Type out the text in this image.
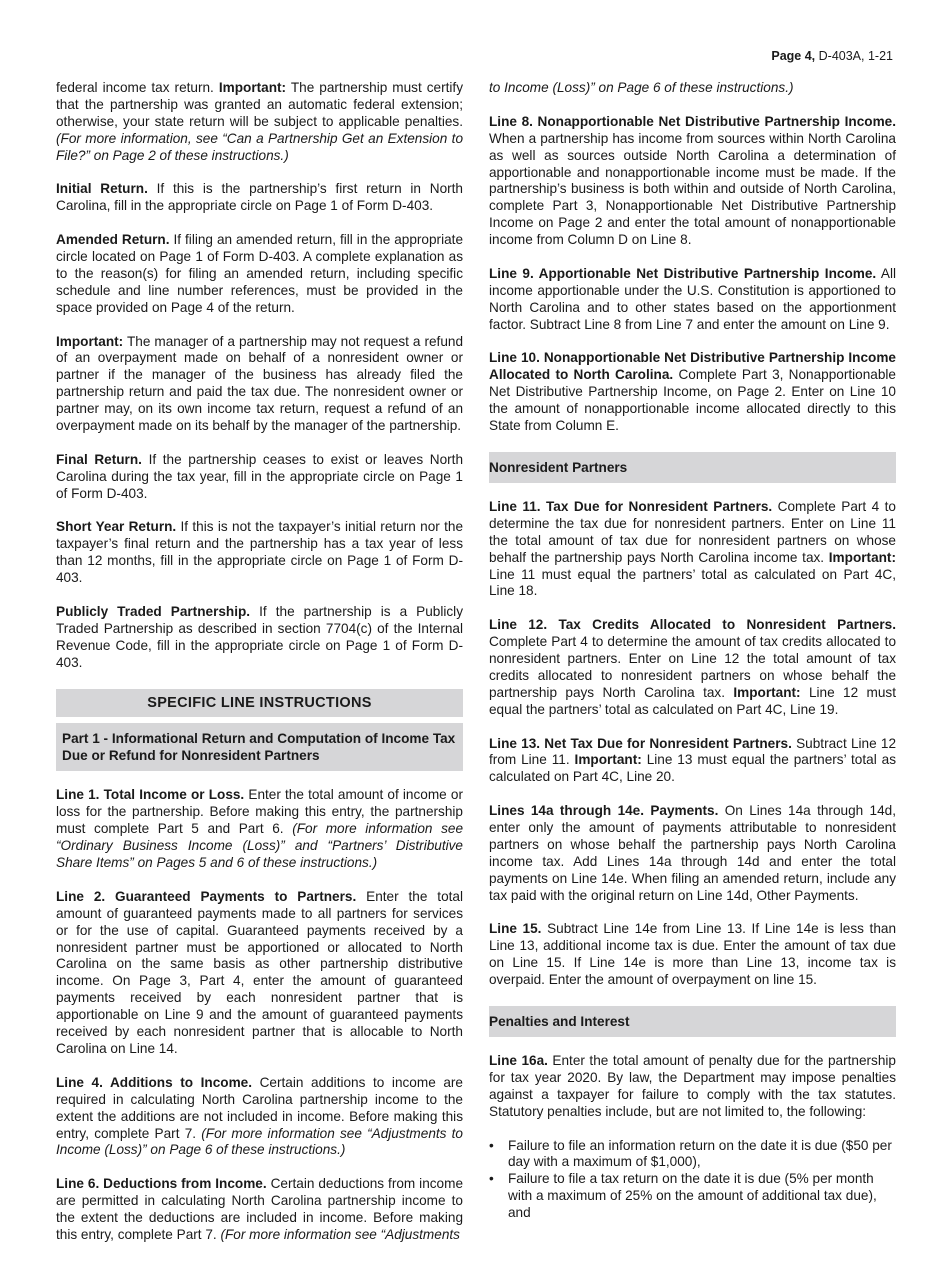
Page 4, D-403A, 1-21

federal income tax return. Important: The partnership must certify that the partnership was granted an automatic federal extension; otherwise, your state return will be subject to applicable penalties. (For more information, see “Can a Partnership Get an Extension to File?” on Page 2 of these instructions.)

Initial Return. If this is the partnership’s first return in North Carolina, fill in the appropriate circle on Page 1 of Form D-403.

Amended Return. If filing an amended return, fill in the appropriate circle located on Page 1 of Form D-403. A complete explanation as to the reason(s) for filing an amended return, including specific schedule and line number references, must be provided in the space provided on Page 4 of the return.

Important: The manager of a partnership may not request a refund of an overpayment made on behalf of a nonresident owner or partner if the manager of the business has already filed the partnership return and paid the tax due. The nonresident owner or partner may, on its own income tax return, request a refund of an overpayment made on its behalf by the manager of the partnership.

Final Return. If the partnership ceases to exist or leaves North Carolina during the tax year, fill in the appropriate circle on Page 1 of Form D-403.

Short Year Return. If this is not the taxpayer’s initial return nor the taxpayer’s final return and the partnership has a tax year of less than 12 months, fill in the appropriate circle on Page 1 of Form D-403.

Publicly Traded Partnership. If the partnership is a Publicly Traded Partnership as described in section 7704(c) of the Internal Revenue Code, fill in the appropriate circle on Page 1 of Form D-403.

SPECIFIC LINE INSTRUCTIONS
Part 1 - Informational Return and Computation of Income Tax Due or Refund for Nonresident Partners

Line 1. Total Income or Loss. Enter the total amount of income or loss for the partnership. Before making this entry, the partnership must complete Part 5 and Part 6. (For more information see “Ordinary Business Income (Loss)” and “Partners’ Distributive Share Items” on Pages 5 and 6 of these instructions.)

Line 2. Guaranteed Payments to Partners. Enter the total amount of guaranteed payments made to all partners for services or for the use of capital. Guaranteed payments received by a nonresident partner must be apportioned or allocated to North Carolina on the same basis as other partnership distributive income. On Page 3, Part 4, enter the amount of guaranteed payments received by each nonresident partner that is apportionable on Line 9 and the amount of guaranteed payments received by each nonresident partner that is allocable to North Carolina on Line 14.

Line 4. Additions to Income. Certain additions to income are required in calculating North Carolina partnership income to the extent the additions are not included in income. Before making this entry, complete Part 7. (For more information see “Adjustments to Income (Loss)” on Page 6 of these instructions.)

Line 6. Deductions from Income. Certain deductions from income are permitted in calculating North Carolina partnership income to the extent the deductions are included in income. Before making this entry, complete Part 7. (For more information see “Adjustments

to Income (Loss)” on Page 6 of these instructions.)

Line 8. Nonapportionable Net Distributive Partnership Income. When a partnership has income from sources within North Carolina as well as sources outside North Carolina a determination of apportionable and nonapportionable income must be made. If the partnership’s business is both within and outside of North Carolina, complete Part 3, Nonapportionable Net Distributive Partnership Income on Page 2 and enter the total amount of nonapportionable income from Column D on Line 8.

Line 9. Apportionable Net Distributive Partnership Income. All income apportionable under the U.S. Constitution is apportioned to North Carolina and to other states based on the apportionment factor. Subtract Line 8 from Line 7 and enter the amount on Line 9.

Line 10. Nonapportionable Net Distributive Partnership Income Allocated to North Carolina. Complete Part 3, Nonapportionable Net Distributive Partnership Income, on Page 2. Enter on Line 10 the amount of nonapportionable income allocated directly to this State from Column E.

Nonresident Partners

Line 11. Tax Due for Nonresident Partners. Complete Part 4 to determine the tax due for nonresident partners. Enter on Line 11 the total amount of tax due for nonresident partners on whose behalf the partnership pays North Carolina income tax. Important: Line 11 must equal the partners’ total as calculated on Part 4C, Line 18.

Line 12. Tax Credits Allocated to Nonresident Partners. Complete Part 4 to determine the amount of tax credits allocated to nonresident partners. Enter on Line 12 the total amount of tax credits allocated to nonresident partners on whose behalf the partnership pays North Carolina tax. Important: Line 12 must equal the partners’ total as calculated on Part 4C, Line 19.

Line 13. Net Tax Due for Nonresident Partners. Subtract Line 12 from Line 11. Important: Line 13 must equal the partners’ total as calculated on Part 4C, Line 20.

Lines 14a through 14e. Payments. On Lines 14a through 14d, enter only the amount of payments attributable to nonresident partners on whose behalf the partnership pays North Carolina income tax. Add Lines 14a through 14d and enter the total payments on Line 14e. When filing an amended return, include any tax paid with the original return on Line 14d, Other Payments.

Line 15. Subtract Line 14e from Line 13. If Line 14e is less than Line 13, additional income tax is due. Enter the amount of tax due on Line 15. If Line 14e is more than Line 13, income tax is overpaid. Enter the amount of overpayment on line 15.

Penalties and Interest

Line 16a. Enter the total amount of penalty due for the partnership for tax year 2020. By law, the Department may impose penalties against a taxpayer for failure to comply with the tax statutes. Statutory penalties include, but are not limited to, the following:

• Failure to file an information return on the date it is due ($50 per day with a maximum of $1,000),
• Failure to file a tax return on the date it is due (5% per month with a maximum of 25% on the amount of additional tax due), and
